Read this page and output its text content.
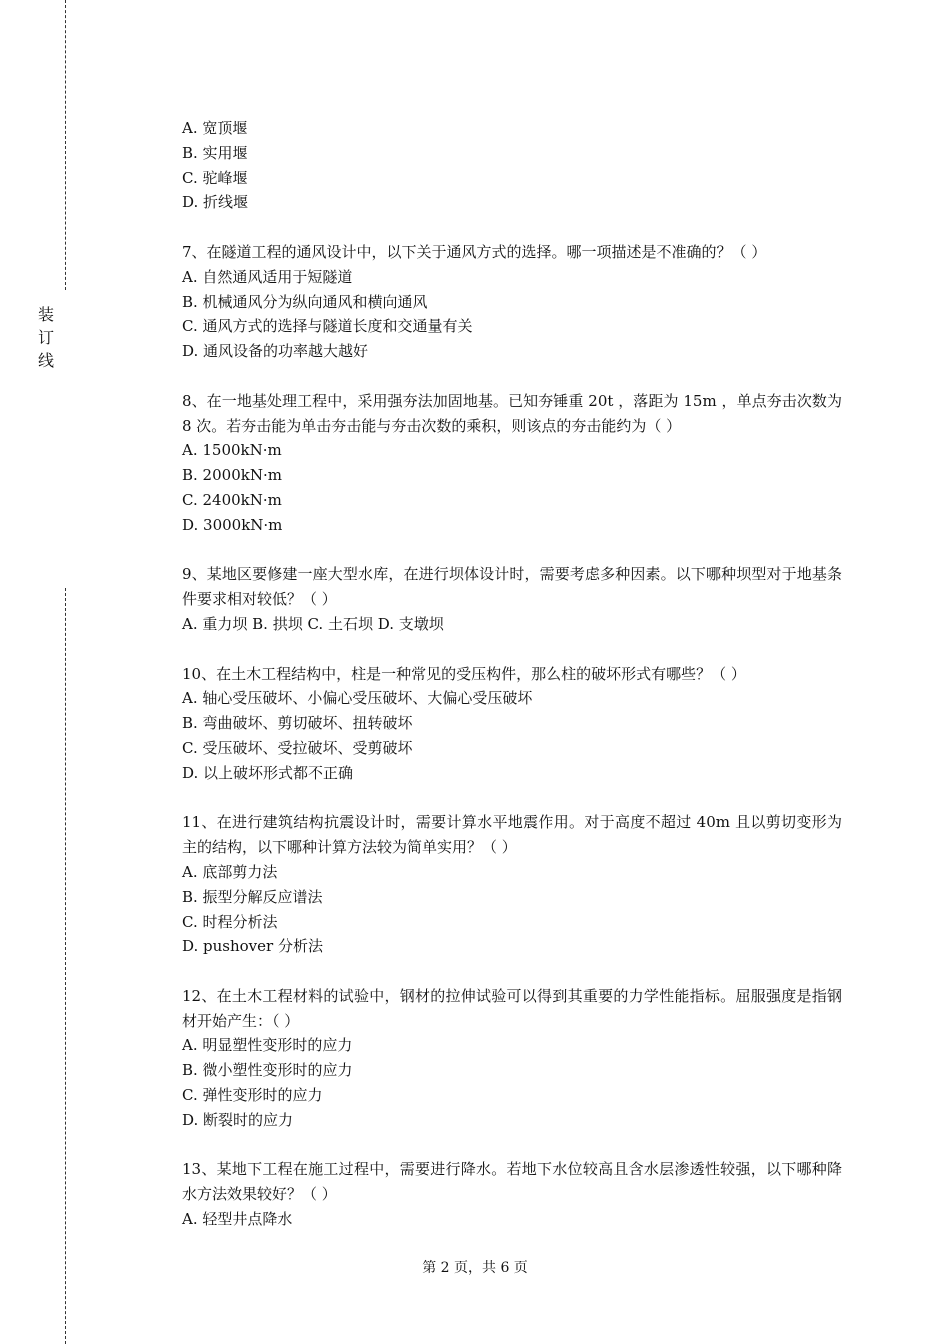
装
订
线
A. 宽顶堰
B. 实用堰
C. 驼峰堰
D. 折线堰
7、在隧道工程的通风设计中，以下关于通风方式的选择。哪一项描述是不准确的？（ ）
A. 自然通风适用于短隧道
B. 机械通风分为纵向通风和横向通风
C. 通风方式的选择与隧道长度和交通量有关
D. 通风设备的功率越大越好
8、在一地基处理工程中，采用强夯法加固地基。已知夯锤重 20t ，落距为 15m ，单点夯击次数为 8 次。若夯击能为单击夯击能与夯击次数的乘积，则该点的夯击能约为（ ）
A. 1500kN·m
B. 2000kN·m
C. 2400kN·m
D. 3000kN·m
9、某地区要修建一座大型水库，在进行坝体设计时，需要考虑多种因素。以下哪种坝型对于地基条件要求相对较低？（ ）
A. 重力坝 B. 拱坝 C. 土石坝 D. 支墩坝
10、在土木工程结构中，柱是一种常见的受压构件，那么柱的破坏形式有哪些？（ ）
A. 轴心受压破坏、小偏心受压破坏、大偏心受压破坏
B. 弯曲破坏、剪切破坏、扭转破坏
C. 受压破坏、受拉破坏、受剪破坏
D. 以上破坏形式都不正确
11、在进行建筑结构抗震设计时，需要计算水平地震作用。对于高度不超过 40m 且以剪切变形为主的结构，以下哪种计算方法较为简单实用？（ ）
A. 底部剪力法
B. 振型分解反应谱法
C. 时程分析法
D. pushover 分析法
12、在土木工程材料的试验中，钢材的拉伸试验可以得到其重要的力学性能指标。屈服强度是指钢材开始产生：（ ）
A. 明显塑性变形时的应力
B. 微小塑性变形时的应力
C. 弹性变形时的应力
D. 断裂时的应力
13、某地下工程在施工过程中，需要进行降水。若地下水位较高且含水层渗透性较强，以下哪种降水方法效果较好？（ ）
A. 轻型井点降水
第 2 页，共 6 页
